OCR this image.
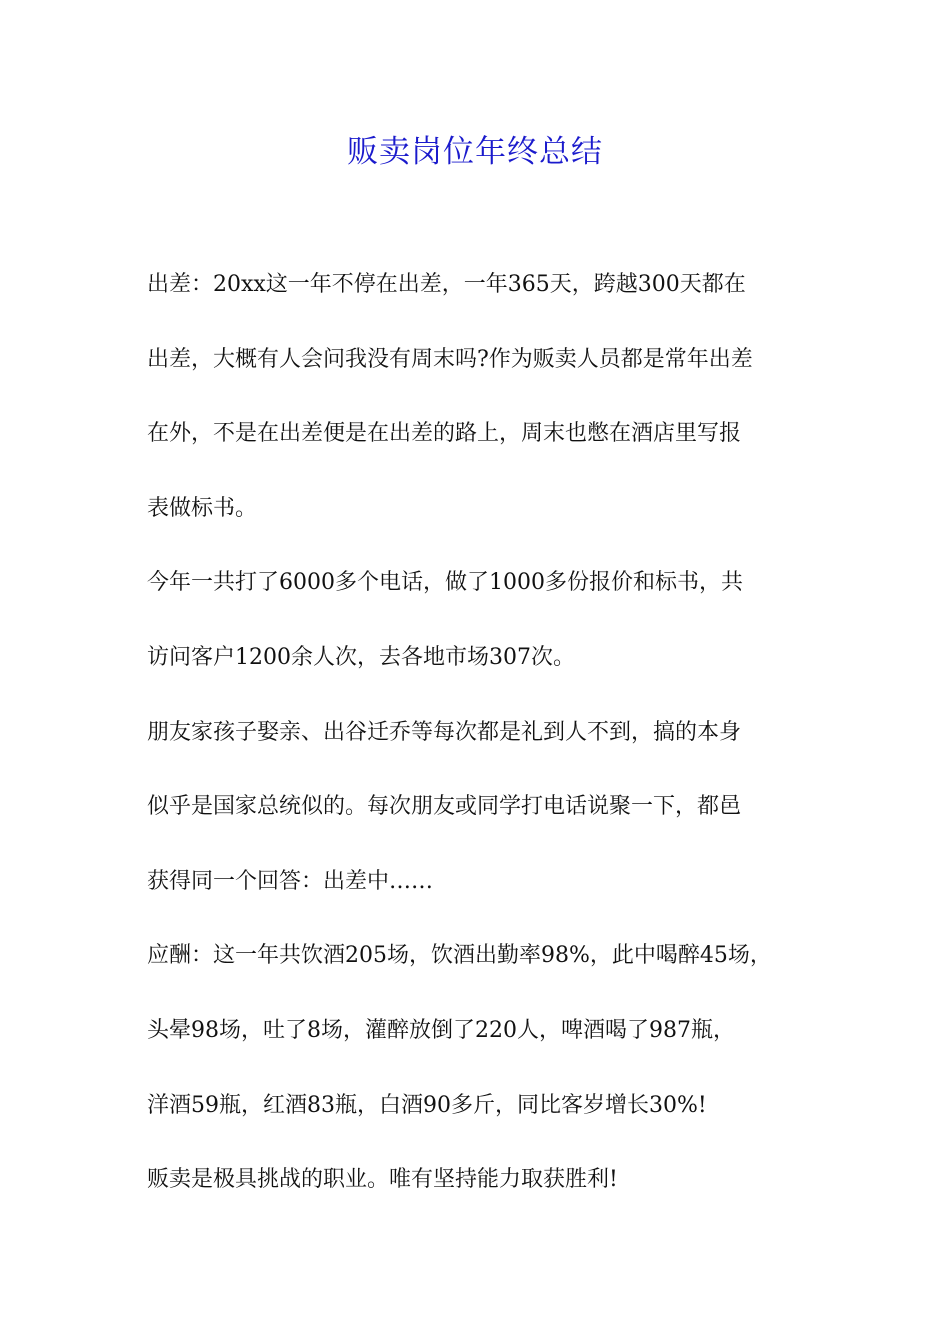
贩卖岗位年终总结
出差：20xx这一年不停在出差，一年365天，跨越300天都在
出差，大概有人会问我没有周末吗?作为贩卖人员都是常年出差
在外，不是在出差便是在出差的路上，周末也憋在酒店里写报
表做标书。
今年一共打了6000多个电话，做了1000多份报价和标书，共
访问客户1200余人次，去各地市场307次。
朋友家孩子娶亲、出谷迁乔等每次都是礼到人不到，搞的本身
似乎是国家总统似的。每次朋友或同学打电话说聚一下，都邑
获得同一个回答：出差中……
应酬：这一年共饮酒205场，饮酒出勤率98%，此中喝醉45场，
头晕98场，吐了8场，灌醉放倒了220人，啤酒喝了987瓶，
洋酒59瓶，红酒83瓶，白酒90多斤，同比客岁增长30%!
贩卖是极具挑战的职业。唯有坚持能力取获胜利!
